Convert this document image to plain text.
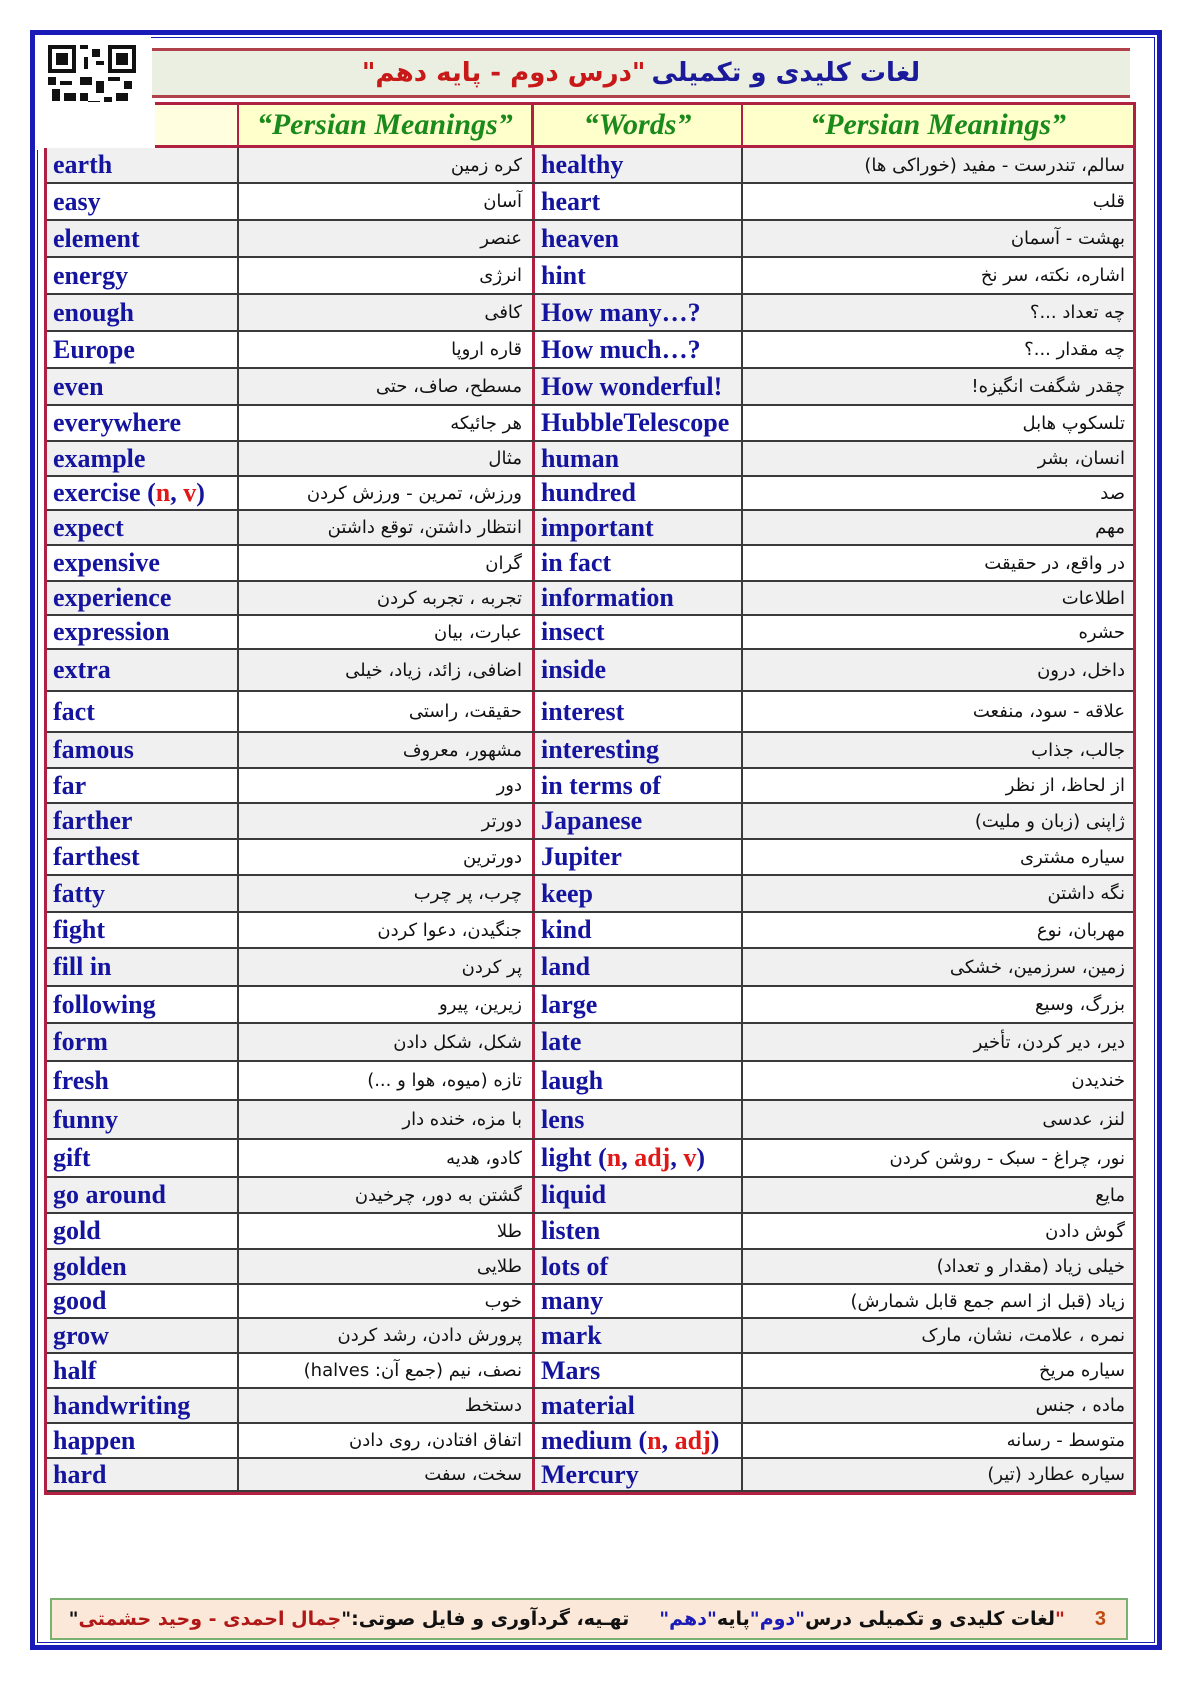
لغات کلیدی و تکمیلی
"درس دوم - پایه دهم"
“Persian Meanings”	“Words”	“Persian Meanings”
earth	کره زمین healthy	سالم، تندرست - مفید (خوراکی ها)
easy	آسان heart	قلب
element	عنصر heaven	بهشت - آسمان
energy	انرژی hint	اشاره، نکته، سر نخ
enough	کافی How many…?	چه تعداد ...؟
Europe	قاره اروپا How much…?	چه مقدار ...؟
even	مسطح، صاف، حتی How wonderful!	چقدر شگفت انگیزه!
everywhere	هر جائیکه HubbleTelescope	تلسکوپ هابل
example	مثال human	انسان، بشر
exercise (n, v)	ورزش، تمرین - ورزش کردن hundred	صد
expect	انتظار داشتن، توقع داشتن important	مهم
expensive	گران in fact	در واقع، در حقیقت
experience	تجربه ، تجربه کردن information	اطلاعات
expression	عبارت، بیان insect	حشره
extra	اضافی، زائد، زیاد، خیلی inside	داخل، درون
fact	حقیقت، راستی interest	علاقه - سود، منفعت
famous	مشهور، معروف interesting	جالب، جذاب
far	دور in terms of	از لحاظ، از نظر
farther	دورتر Japanese	ژاپنی (زبان و ملیت)
farthest	دورترین Jupiter	سیاره مشتری
fatty	چرب، پر چرب keep	نگه داشتن
fight	جنگیدن، دعوا کردن kind	مهربان، نوع
fill in	پر کردن land	زمین، سرزمین، خشکی
following	زیرین، پیرو large	بزرگ، وسیع
form	شکل، شکل دادن late	دیر، دیر کردن، تأخیر
fresh	تازه (میوه، هوا و ...) laugh	خندیدن
funny	با مزه، خنده دار lens	لنز، عدسی
gift	کادو، هدیه light (n, adj, v)	نور، چراغ - سبک - روشن کردن
go around	گشتن به دور، چرخیدن liquid	مایع
gold	طلا listen	گوش دادن
golden	طلایی lots of	خیلی زیاد (مقدار و تعداد)
good	خوب many	زیاد (قبل از اسم جمع قابل شمارش)
grow	پرورش دادن، رشد کردن mark	نمره ، علامت، نشان، مارک
half	نصف، نیم (جمع آن: halves) Mars	سیاره مریخ
handwriting	دستخط material	ماده ، جنس
happen	اتفاق افتادن، روی دادن medium (n, adj)	متوسط - رسانه
hard	سخت، سفت Mercury	سیاره عطارد (تیر)
3
"لغات کلیدی و تکمیلی درس
"دوم"
پایه
"دهم"
تهـیه، گردآوری و فایل صوتی:
"
جمال احمدی - وحید حشمتی
"
